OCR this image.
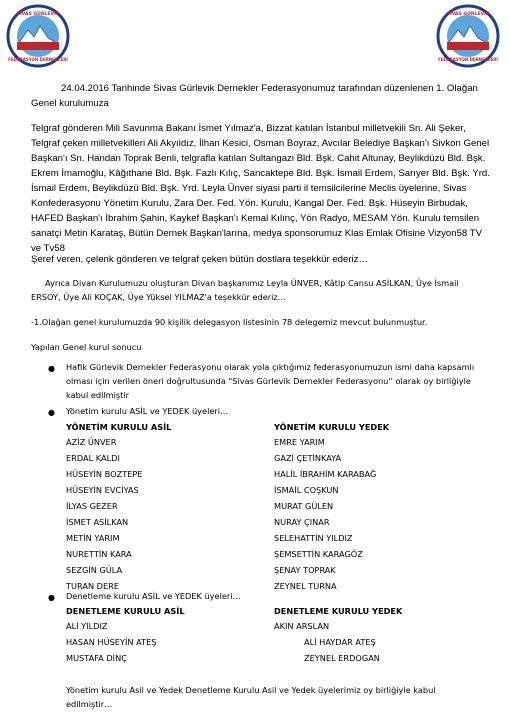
SİVAS GÜRLEVİK
FEDERASYON DERNEKLERİ
SİVAS GÜRLEVİK
FEDERASYON DERNEKLERİ

24.04.2016 Tarihinde Sivas Gürlevik Dernekler Federasyonumuz tarafından düzenlenen 1. Olağan Genel kurulumuza

Telgraf gönderen Mili Savunma Bakanı İsmet Yılmaz'a, Bizzat katılan İstanbul milletvekili Sn. Ali Şeker, Telgraf çeken milletvekilleri Ali Akyıldız, İlhan Kesici, Osman Boyraz, Avcılar Belediye Başkan'ı Sivkon Genel Başkan'ı Sn. Handan Toprak Benli, telgrafla katılan Sultangazi Bld. Bşk. Cahit Altunay, Beylikdüzü Bld. Bşk. Ekrem İmamoğlu, Kâğıthane Bld. Bşk. Fazlı Kılıç, Sancaktepe Bld. Bşk. İsmail Erdem, Sarıyer Bld. Bşk. Yrd. İsmail Erdem, Beylikdüzü Bld. Bşk. Yrd. Leyla Ünver siyasi parti il temsilcilerine Meclis üyelerine, Sivas Konfederasyonu Yönetim Kurulu, Zara Der. Fed. Yön. Kurulu, Kangal Der. Fed. Bşk. Hüseyin Birbudak, HAFED Başkan'ı İbrahim Şahin, Kaykef Başkan'ı Kemal Kılınç, Yön Radyo, MESAM Yön. Kurulu temsilen sanatçi Metin Karataş, Bütün Dernek Başkan'larına, medya sponsorumuz Klas Emlak Ofisine Vizyon58 TV ve Tv58

Şeref veren, çelenk gönderen ve telgraf çeken bütün dostlara teşekkür ederiz…

Ayrıca Divan Kurulumuzu oluşturan Divan başkanımız Leyla ÜNVER, Kâtip Cansu ASİLKAN, Üye İsmail ERSOY, Üye Ali KOÇAK, Üye Yüksel YILMAZ'a teşekkür ederiz…

-1.Olağan genel kurulumuzda 90 kişilik delegasyon listesinin 78 delegemiz mevcut bulunmuştur.

Yapılan Genel kurul sonucu

● Hafik Gürlevik Dernekler Federasyonu olarak yola çıktığımız federasyonumuzun ismi daha kapsamlı olması için verilen öneri doğrultusunda "Sivas Gürlevik Dernekler Federasyonu'' olarak oy birliğiyle kabul edilmiştir

● Yönetim kurulu ASİL ve YEDEK üyeleri…

YÖNETİM KURULU ASİL	YÖNETİM KURULU YEDEK
AZİZ ÜNVER
ERDAL KALDI
HÜSEYİN BOZTEPE
HÜSEYİN EVCİYAS
İLYAS GEZER
İSMET ASİLKAN
METİN YARIM
NURETTİN KARA
SEZGİN GÜLA
TURAN DERE
EMRE YARIM
GAZİ ÇETİNKAYA
HALİL İBRAHİM KARABAĞ
İSMAİL COŞKUN
MURAT GÜLEN
NURAY ÇINAR
SELEHATTİN YILDIZ
ŞEMSETTİN KARAGÖZ
ŞENAY TOPRAK
ZEYNEL TURNA
● Denetleme kurulu ASİL ve YEDEK üyeleri…

DENETLEME KURULU ASİL	DENETLEME KURULU YEDEK
ALİ YILDIZ
HASAN HÜSEYİN ATEŞ
MUSTAFA DİNÇ
AKIN ARSLAN
ALİ HAYDAR ATEŞ
ZEYNEL ERDOGAN

Yönetim kurulu Asil ve Yedek Denetleme Kurulu Asil ve Yedek üyelerimiz oy birliğiyle kabul edilmiştir…
